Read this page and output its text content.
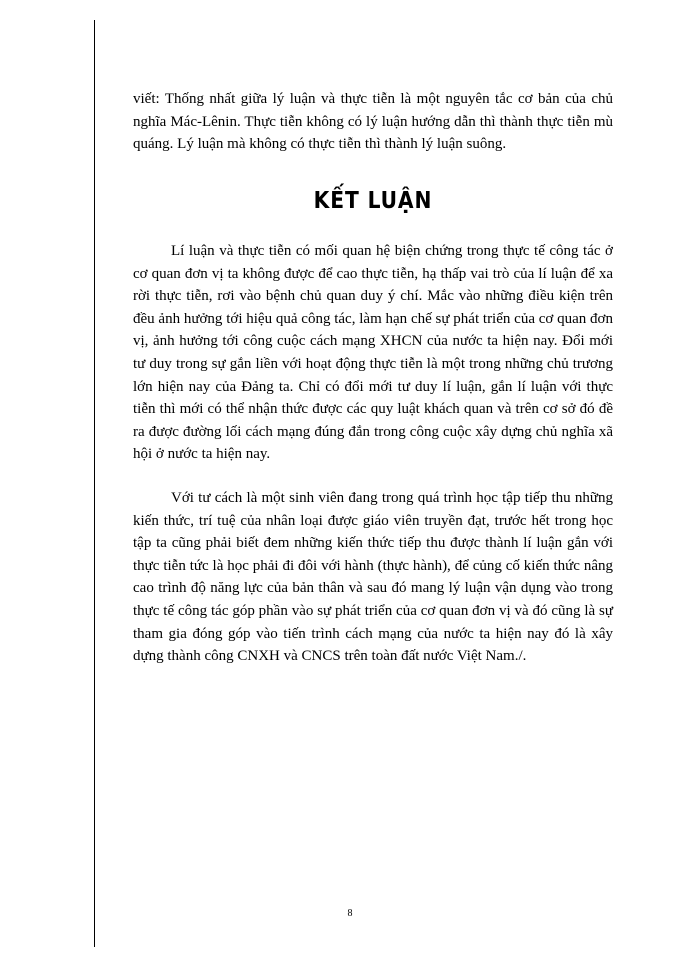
viết: Thống nhất giữa lý luận và thực tiễn là một nguyên tắc cơ bản của chủ nghĩa Mác-Lênin. Thực tiễn không có lý luận hướng dẫn thì thành thực tiễn mù quáng. Lý luận mà không có thực tiễn thì thành lý luận suông.
KẾT LUẬN

Lí luận và thực tiễn có mối quan hệ biện chứng trong thực tế công tác ở cơ quan đơn vị ta không được để cao thực tiễn, hạ thấp vai trò của lí luận để xa rời thực tiễn, rơi vào bệnh chủ quan duy ý chí. Mắc vào những điều kiện trên đều ảnh hưởng tới hiệu quả công tác, làm hạn chế sự phát triển của cơ quan đơn vị, ảnh hưởng tới công cuộc cách mạng XHCN của nước ta hiện nay. Đổi mới tư duy trong sự gắn liền với hoạt động thực tiễn là một trong những chủ trương lớn hiện nay của Đảng ta. Chỉ có đổi mới tư duy lí luận, gắn lí luận với thực tiễn thì mới có thể nhận thức được các quy luật khách quan và trên cơ sở đó đề ra được đường lối cách mạng đúng đắn trong công cuộc xây dựng chủ nghĩa xã hội ở nước ta hiện nay.

Với tư cách là một sinh viên đang trong quá trình học tập tiếp thu những kiến thức, trí tuệ của nhân loại được giáo viên truyền đạt, trước hết trong học tập ta cũng phải biết đem những kiến thức tiếp thu được thành lí luận gắn với thực tiễn tức là học phải đi đôi với hành (thực hành), để củng cố kiến thức nâng cao trình độ năng lực của bản thân và sau đó mang lý luận vận dụng vào trong thực tế công tác góp phần vào sự phát triển của cơ quan đơn vị và đó cũng là sự tham gia đóng góp vào tiến trình cách mạng của nước ta hiện nay đó là xây dựng thành công CNXH và CNCS trên toàn đất nước Việt Nam./.

8
